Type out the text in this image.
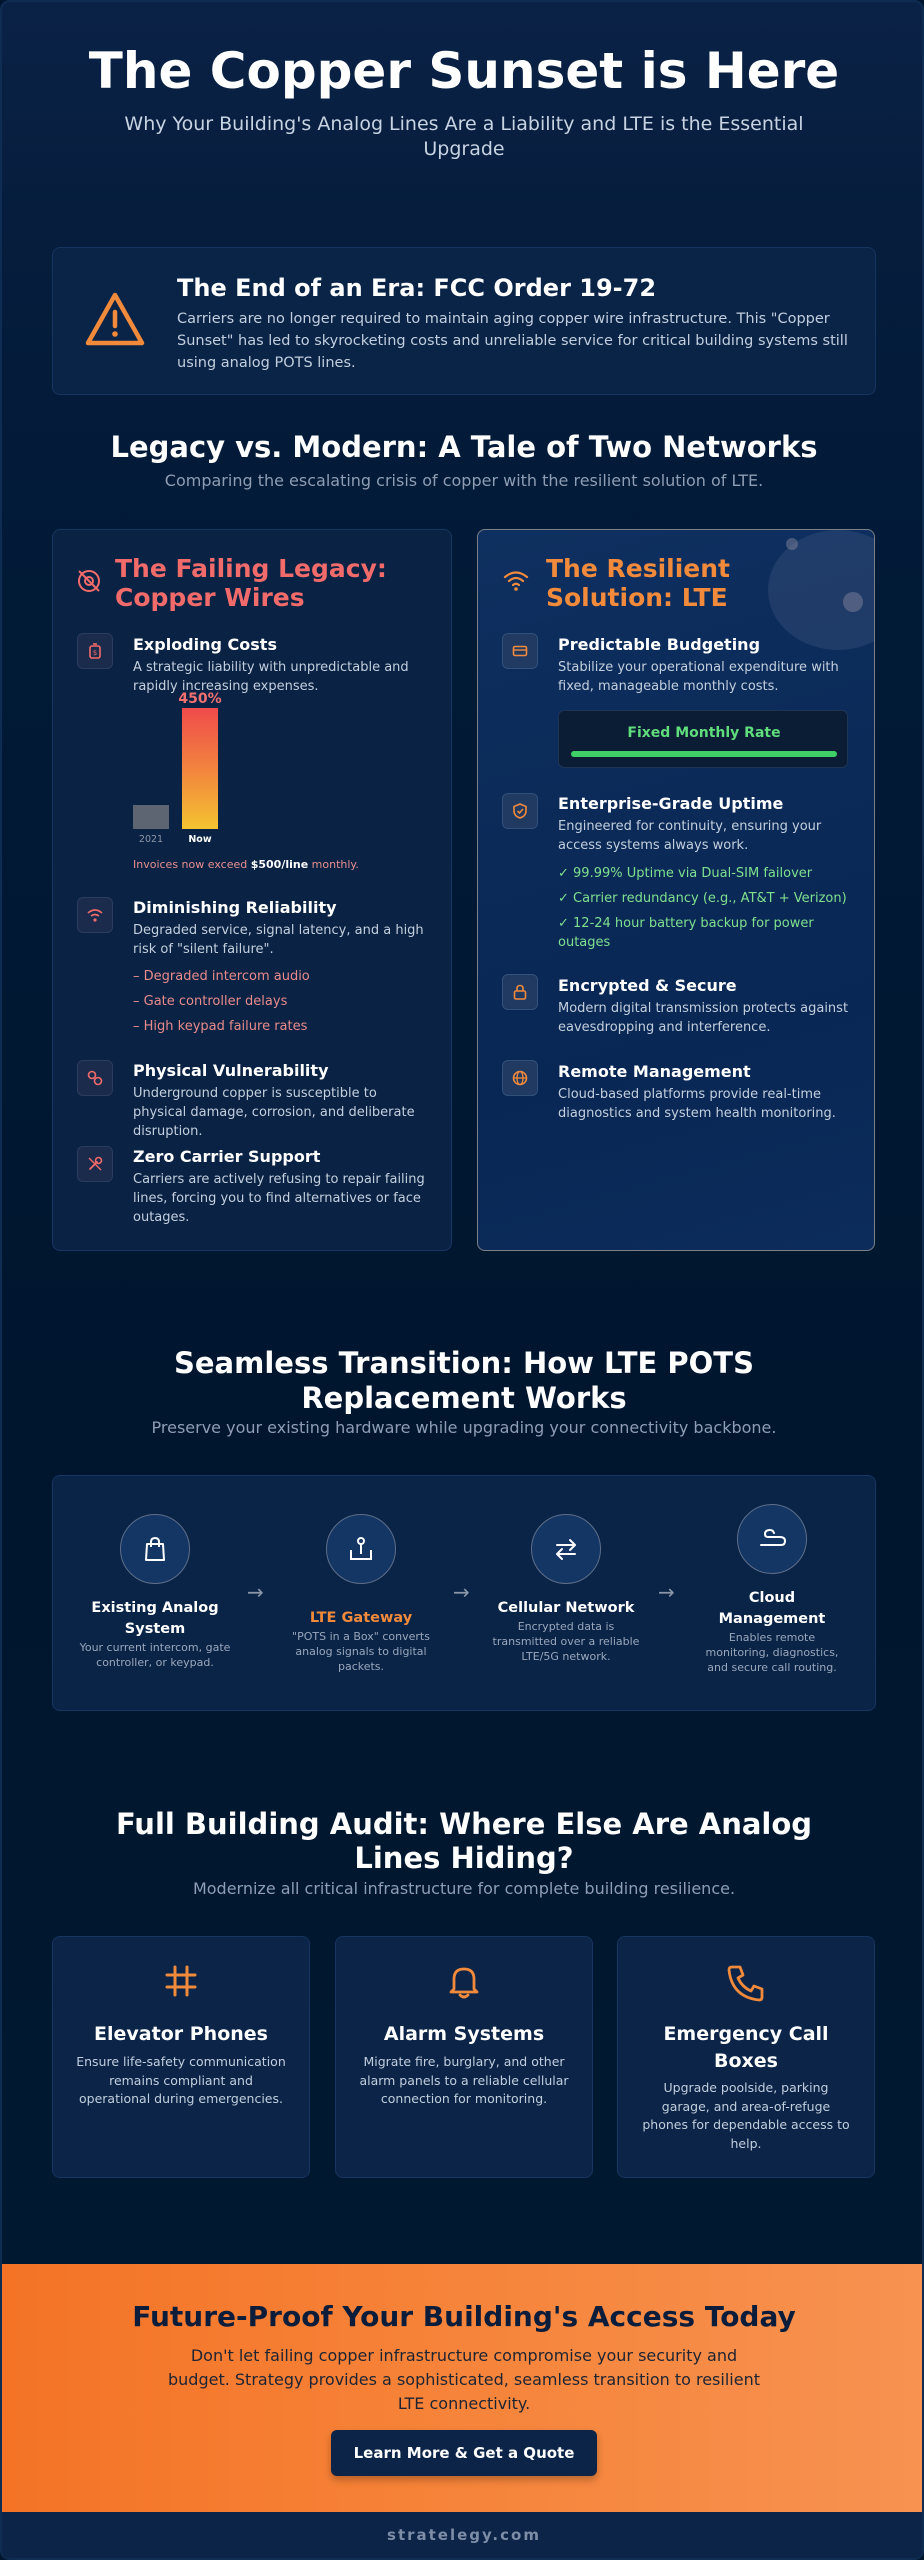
The Copper Sunset is Here

Why Your Building's Analog Lines Are a Liability and LTE is the Essential Upgrade

The End of an Era: FCC Order 19-72

Carriers are no longer required to maintain aging copper wire infrastructure. This "Copper Sunset" has led to skyrocketing costs and unreliable service for critical building systems still using analog POTS lines.

Legacy vs. Modern: A Tale of Two Networks
Comparing the escalating crisis of copper with the resilient solution of LTE.
The Failing Legacy: Copper Wires
$ Exploding Costs
A strategic liability with unpredictable and rapidly increasing expenses.
450%
2021	Now
Invoices now exceed $500/line monthly.
Diminishing Reliability
Degraded service, signal latency, and a high risk of "silent failure".
– Degraded intercom audio
– Gate controller delays
– High keypad failure rates
Physical Vulnerability
Underground copper is susceptible to physical damage, corrosion, and deliberate disruption.
Zero Carrier Support
Carriers are actively refusing to repair failing lines, forcing you to find alternatives or face outages.
The Resilient Solution: LTE
Predictable Budgeting
Stabilize your operational expenditure with fixed, manageable monthly costs.
Fixed Monthly Rate
Enterprise-Grade Uptime
Engineered for continuity, ensuring your access systems always work.
✓ 99.99% Uptime via Dual-SIM failover
✓ Carrier redundancy (e.g., AT&T + Verizon)
✓ 12-24 hour battery backup for power outages
Encrypted & Secure
Modern digital transmission protects against eavesdropping and interference.
Remote Management
Cloud-based platforms provide real-time diagnostics and system health monitoring.
Seamless Transition: How LTE POTS Replacement Works
Preserve your existing hardware while upgrading your connectivity backbone.
Existing Analog System
Your current intercom, gate controller, or keypad.
→
LTE Gateway
"POTS in a Box" converts analog signals to digital packets.
→
Cellular Network
Encrypted data is transmitted over a reliable LTE/5G network.
→	Cloud Management
Enables remote monitoring, diagnostics, and secure call routing.
Full Building Audit: Where Else Are Analog Lines Hiding?
Modernize all critical infrastructure for complete building resilience.
Elevator Phones

Ensure life-safety communication remains compliant and operational during emergencies.

Alarm Systems

Migrate fire, burglary, and other alarm panels to a reliable cellular connection for monitoring.

Emergency Call Boxes

Upgrade poolside, parking garage, and area-of-refuge phones for dependable access to help.

Future-Proof Your Building's Access Today

Don't let failing copper infrastructure compromise your security and budget. Strategy provides a sophisticated, seamless transition to resilient LTE connectivity.

Learn More & Get a Quote
stratelegy.com
